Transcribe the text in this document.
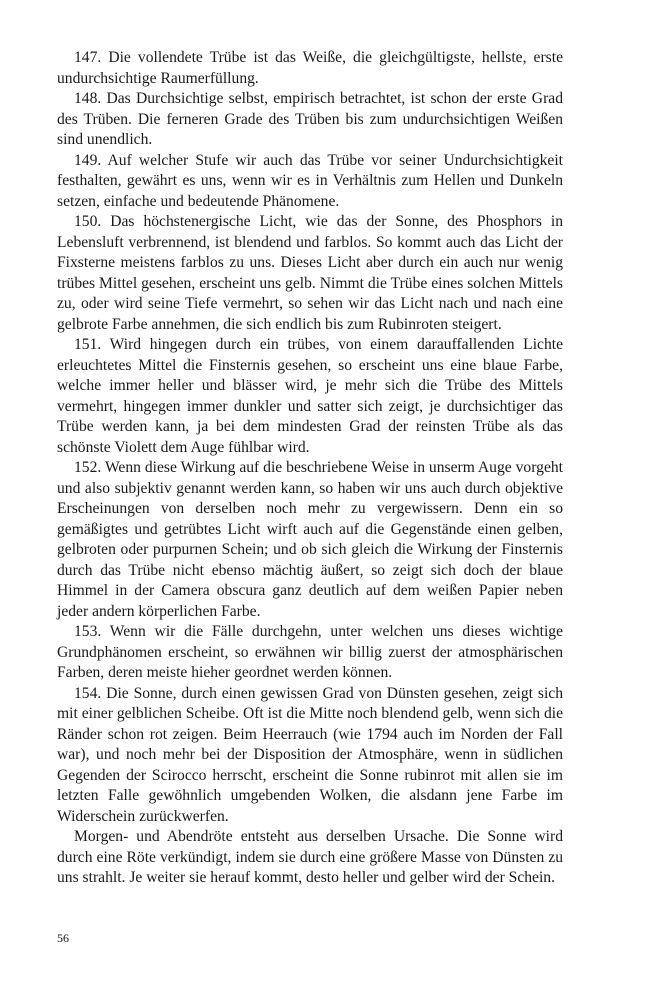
147. Die vollendete Trübe ist das Weiße, die gleichgültigste, hellste, erste undurchsichtige Raumerfüllung.

148. Das Durchsichtige selbst, empirisch betrachtet, ist schon der erste Grad des Trüben. Die ferneren Grade des Trüben bis zum undurchsichtigen Weißen sind unendlich.

149. Auf welcher Stufe wir auch das Trübe vor seiner Undurchsichtigkeit festhalten, gewährt es uns, wenn wir es in Verhältnis zum Hellen und Dunkeln setzen, einfache und bedeutende Phänomene.

150. Das höchstenergische Licht, wie das der Sonne, des Phosphors in Lebensluft verbrennend, ist blendend und farblos. So kommt auch das Licht der Fixsterne meistens farblos zu uns. Dieses Licht aber durch ein auch nur wenig trübes Mittel gesehen, erscheint uns gelb. Nimmt die Trübe eines solchen Mittels zu, oder wird seine Tiefe vermehrt, so sehen wir das Licht nach und nach eine gelbrote Farbe annehmen, die sich endlich bis zum Rubinroten steigert.

151. Wird hingegen durch ein trübes, von einem darauffallenden Lichte erleuchtetes Mittel die Finsternis gesehen, so erscheint uns eine blaue Farbe, welche immer heller und blässer wird, je mehr sich die Trübe des Mittels vermehrt, hingegen immer dunkler und satter sich zeigt, je durchsichtiger das Trübe werden kann, ja bei dem mindesten Grad der reinsten Trübe als das schönste Violett dem Auge fühlbar wird.

152. Wenn diese Wirkung auf die beschriebene Weise in unserm Auge vorgeht und also subjektiv genannt werden kann, so haben wir uns auch durch objektive Erscheinungen von derselben noch mehr zu vergewissern. Denn ein so gemäßigtes und getrübtes Licht wirft auch auf die Gegenstände einen gelben, gelbroten oder purpurnen Schein; und ob sich gleich die Wirkung der Finsternis durch das Trübe nicht ebenso mächtig äußert, so zeigt sich doch der blaue Himmel in der Camera obscura ganz deutlich auf dem weißen Papier neben jeder andern körperlichen Farbe.

153. Wenn wir die Fälle durchgehn, unter welchen uns dieses wichtige Grundphänomen erscheint, so erwähnen wir billig zuerst der atmosphärischen Farben, deren meiste hieher geordnet werden können.

154. Die Sonne, durch einen gewissen Grad von Dünsten gesehen, zeigt sich mit einer gelblichen Scheibe. Oft ist die Mitte noch blendend gelb, wenn sich die Ränder schon rot zeigen. Beim Heerrauch (wie 1794 auch im Norden der Fall war), und noch mehr bei der Disposition der Atmosphäre, wenn in südlichen Gegenden der Scirocco herrscht, erscheint die Sonne rubinrot mit allen sie im letzten Falle gewöhnlich umgebenden Wolken, die alsdann jene Farbe im Widerschein zurückwerfen.

Morgen- und Abendröte entsteht aus derselben Ursache. Die Sonne wird durch eine Röte verkündigt, indem sie durch eine größere Masse von Dünsten zu uns strahlt. Je weiter sie herauf kommt, desto heller und gelber wird der Schein.

56
